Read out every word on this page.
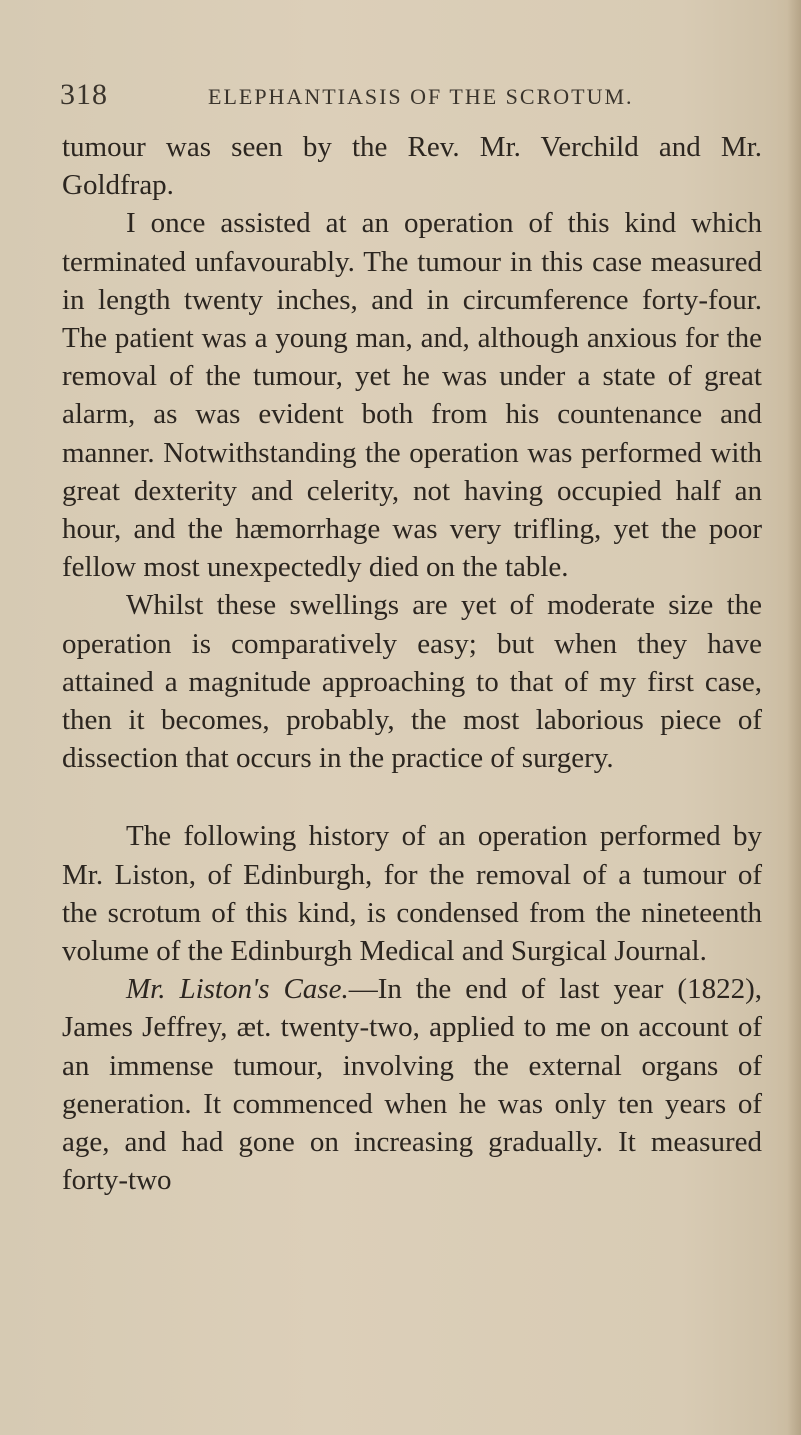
318	ELEPHANTIASIS OF THE SCROTUM.

tumour was seen by the Rev. Mr. Verchild and Mr. Goldfrap.

I once assisted at an operation of this kind which terminated unfavourably. The tumour in this case measured in length twenty inches, and in circumference forty-four. The patient was a young man, and, although anxious for the removal of the tumour, yet he was under a state of great alarm, as was evident both from his countenance and manner. Notwithstanding the operation was performed with great dexterity and celerity, not having occupied half an hour, and the hæmorrhage was very trifling, yet the poor fellow most unexpectedly died on the table.

Whilst these swellings are yet of moderate size the operation is comparatively easy; but when they have attained a magnitude approaching to that of my first case, then it becomes, probably, the most laborious piece of dissection that occurs in the practice of surgery.

The following history of an operation performed by Mr. Liston, of Edinburgh, for the removal of a tumour of the scrotum of this kind, is condensed from the nineteenth volume of the Edinburgh Medical and Surgical Journal.

Mr. Liston's Case.—In the end of last year (1822), James Jeffrey, æt. twenty-two, applied to me on account of an immense tumour, involving the external organs of generation. It commenced when he was only ten years of age, and had gone on increasing gradually. It measured forty-two
